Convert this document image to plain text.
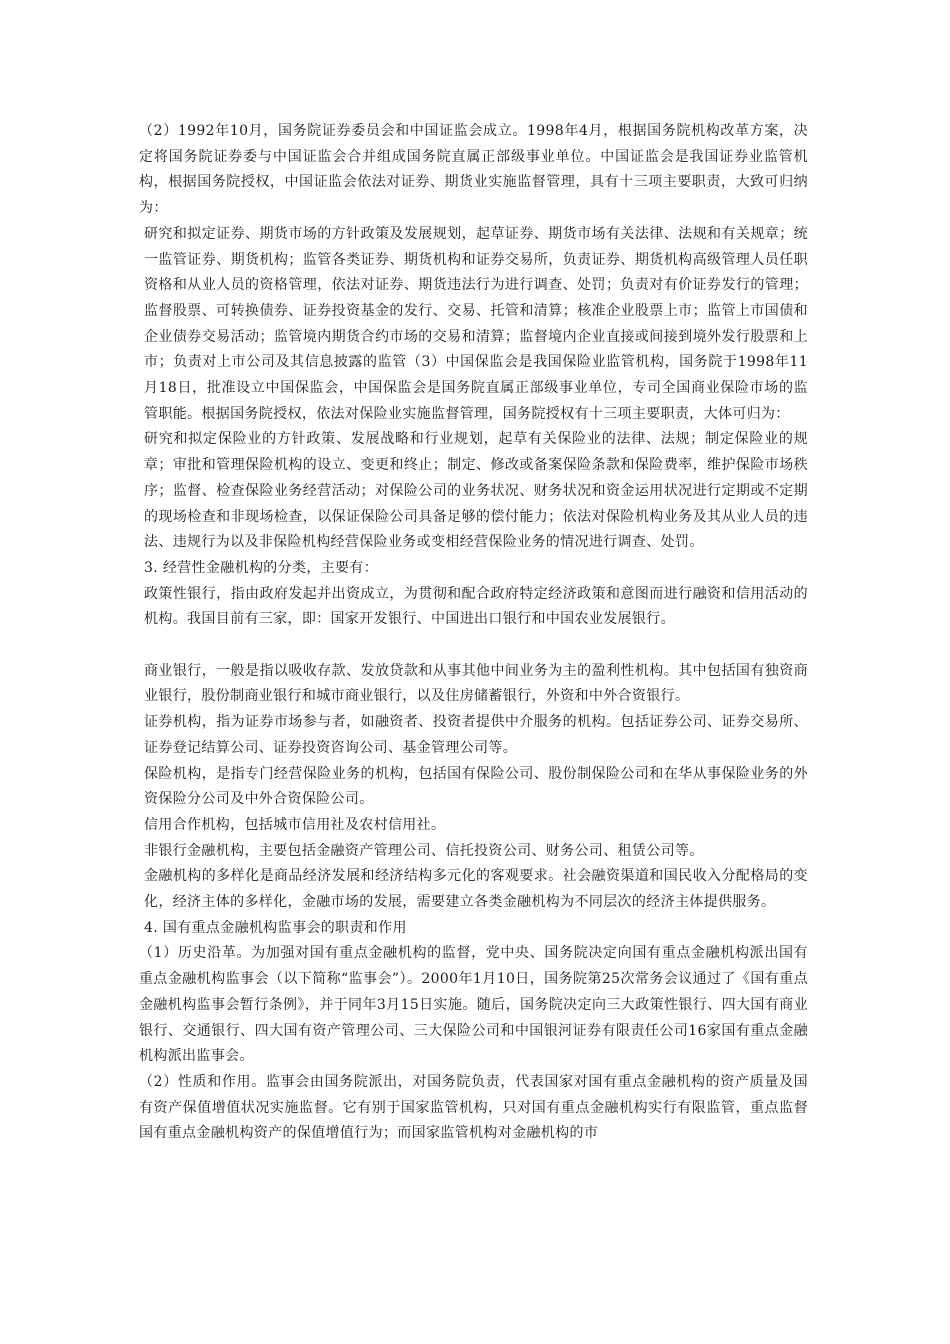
（2）1992年10月，国务院证券委员会和中国证监会成立。1998年4月，根据国务院机构改革方案，决定将国务院证券委与中国证监会合并组成国务院直属正部级事业单位。中国证监会是我国证券业监管机构，根据国务院授权，中国证监会依法对证券、期货业实施监督管理，具有十三项主要职责，大致可归纳为：

研究和拟定证券、期货市场的方针政策及发展规划，起草证券、期货市场有关法律、法规和有关规章；统一监管证券、期货机构；监管各类证券、期货机构和证券交易所，负责证券、期货机构高级管理人员任职资格和从业人员的资格管理，依法对证券、期货违法行为进行调查、处罚；负责对有价证券发行的管理；监督股票、可转换债券、证券投资基金的发行、交易、托管和清算；核准企业股票上市；监管上市国债和企业债券交易活动；监管境内期货合约市场的交易和清算；监督境内企业直接或间接到境外发行股票和上市；负责对上市公司及其信息披露的监管（3）中国保监会是我国保险业监管机构，国务院于1998年11月18日，批准设立中国保监会，中国保监会是国务院直属正部级事业单位，专司全国商业保险市场的监管职能。根据国务院授权，依法对保险业实施监督管理，国务院授权有十三项主要职责，大体可归为：

研究和拟定保险业的方针政策、发展战略和行业规划，起草有关保险业的法律、法规；制定保险业的规章；审批和管理保险机构的设立、变更和终止；制定、修改或备案保险条款和保险费率，维护保险市场秩序；监督、检查保险业务经营活动；对保险公司的业务状况、财务状况和资金运用状况进行定期或不定期的现场检查和非现场检查，以保证保险公司具备足够的偿付能力；依法对保险机构业务及其从业人员的违法、违规行为以及非保险机构经营保险业务或变相经营保险业务的情况进行调查、处罚。

3. 经营性金融机构的分类，主要有：

政策性银行，指由政府发起并出资成立，为贯彻和配合政府特定经济政策和意图而进行融资和信用活动的机构。我国目前有三家，即：国家开发银行、中国进出口银行和中国农业发展银行。

商业银行，一般是指以吸收存款、发放贷款和从事其他中间业务为主的盈利性机构。其中包括国有独资商业银行，股份制商业银行和城市商业银行，以及住房储蓄银行，外资和中外合资银行。

证券机构，指为证券市场参与者，如融资者、投资者提供中介服务的机构。包括证券公司、证券交易所、证券登记结算公司、证券投资咨询公司、基金管理公司等。

保险机构，是指专门经营保险业务的机构，包括国有保险公司、股份制保险公司和在华从事保险业务的外资保险分公司及中外合资保险公司。

信用合作机构，包括城市信用社及农村信用社。

非银行金融机构，主要包括金融资产管理公司、信托投资公司、财务公司、租赁公司等。

金融机构的多样化是商品经济发展和经济结构多元化的客观要求。社会融资渠道和国民收入分配格局的变化，经济主体的多样化，金融市场的发展，需要建立各类金融机构为不同层次的经济主体提供服务。

4. 国有重点金融机构监事会的职责和作用

（1）历史沿革。为加强对国有重点金融机构的监督，党中央、国务院决定向国有重点金融机构派出国有重点金融机构监事会（以下简称“监事会”）。2000年1月10日，国务院第25次常务会议通过了《国有重点金融机构监事会暂行条例》，并于同年3月15日实施。随后，国务院决定向三大政策性银行、四大国有商业银行、交通银行、四大国有资产管理公司、三大保险公司和中国银河证券有限责任公司16家国有重点金融机构派出监事会。

（2）性质和作用。监事会由国务院派出，对国务院负责，代表国家对国有重点金融机构的资产质量及国有资产保值增值状况实施监督。它有别于国家监管机构，只对国有重点金融机构实行有限监管，重点监督国有重点金融机构资产的保值增值行为；而国家监管机构对金融机构的市
